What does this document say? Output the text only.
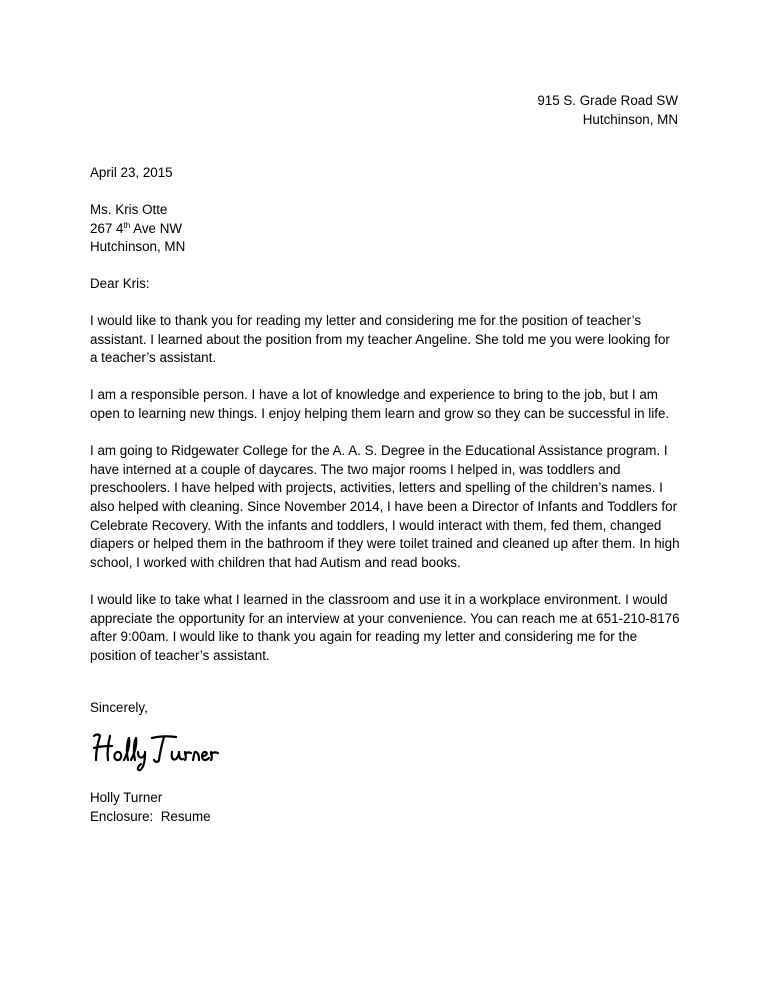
915 S. Grade Road SW
Hutchinson, MN
April 23, 2015
Ms. Kris Otte
267 4th Ave NW
Hutchinson, MN
Dear Kris:

I would like to thank you for reading my letter and considering me for the position of teacher’s assistant. I learned about the position from my teacher Angeline. She told me you were looking for a teacher’s assistant.

I am a responsible person. I have a lot of knowledge and experience to bring to the job, but I am open to learning new things. I enjoy helping them learn and grow so they can be successful in life.

I am going to Ridgewater College for the A. A. S. Degree in the Educational Assistance program. I have interned at a couple of daycares. The two major rooms I helped in, was toddlers and preschoolers. I have helped with projects, activities, letters and spelling of the children’s names. I also helped with cleaning. Since November 2014, I have been a Director of Infants and Toddlers for Celebrate Recovery. With the infants and toddlers, I would interact with them, fed them, changed diapers or helped them in the bathroom if they were toilet trained and cleaned up after them. In high school, I worked with children that had Autism and read books.

I would like to take what I learned in the classroom and use it in a workplace environment. I would appreciate the opportunity for an interview at your convenience. You can reach me at 651-210-8176 after 9:00am. I would like to thank you again for reading my letter and considering me for the position of teacher’s assistant.

Sincerely,
Holly Turner
Enclosure:  Resume
